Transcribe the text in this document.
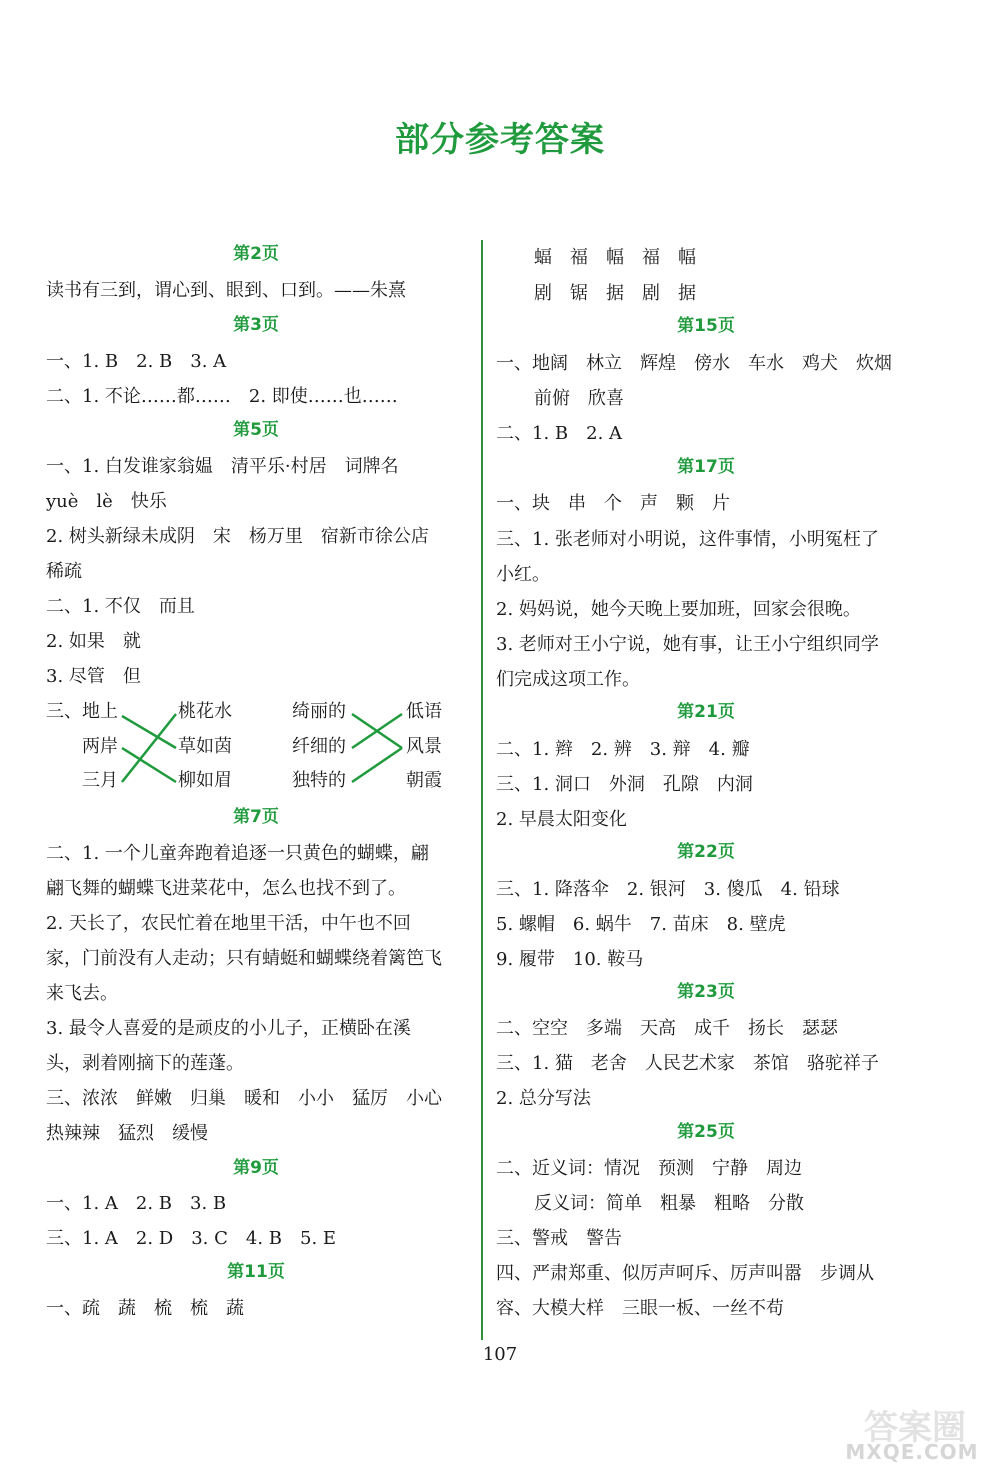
部分参考答案
第2页
读书有三到，谓心到、眼到、口到。——朱熹
第3页
一、1. B　2. B　3. A
二、1. 不论……都……　2. 即使……也……
第5页
一、1. 白发谁家翁媪　清平乐·村居　词牌名
yuè　lè　快乐
2. 树头新绿未成阴　宋　杨万里　宿新市徐公店
稀疏
二、1. 不仅　而且
2. 如果　就
3. 尽管　但
三、 地上
两岸
三月
桃花水
草如茵
柳如眉
绮丽的
纤细的
独特的
低语
风景
朝霞
第7页
二、1. 一个儿童奔跑着追逐一只黄色的蝴蝶，翩
翩飞舞的蝴蝶飞进菜花中，怎么也找不到了。
2. 天长了，农民忙着在地里干活，中午也不回
家，门前没有人走动；只有蜻蜓和蝴蝶绕着篱笆飞
来飞去。
3. 最令人喜爱的是顽皮的小儿子，正横卧在溪
头，剥着刚摘下的莲蓬。
三、浓浓　鲜嫩　归巢　暖和　小小　猛厉　小心
热辣辣　猛烈　缓慢
第9页
一、1. A　2. B　3. B
三、1. A　2. D　3. C　4. B　5. E
第11页
一、疏　蔬　梳　梳　蔬
蝠　福　幅　福　幅
剧　锯　据　剧　据
第15页
一、地阔　林立　辉煌　傍水　车水　鸡犬　炊烟
前俯　欣喜
二、1. B　2. A
第17页
一、块　串　个　声　颗　片
三、1. 张老师对小明说，这件事情，小明冤枉了
小红。
2. 妈妈说，她今天晚上要加班，回家会很晚。
3. 老师对王小宁说，她有事，让王小宁组织同学
们完成这项工作。
第21页
二、1. 辫　2. 辨　3. 辩　4. 瓣
三、1. 洞口　外洞　孔隙　内洞
2. 早晨太阳变化
第22页
三、1. 降落伞　2. 银河　3. 傻瓜　4. 铅球
5. 螺帽　6. 蜗牛　7. 苗床　8. 壁虎
9. 履带　10. 鞍马
第23页
二、空空　多端　天高　成千　扬长　瑟瑟
三、1. 猫　老舍　人民艺术家　茶馆　骆驼祥子
2. 总分写法
第25页
二、近义词：情况　预测　宁静　周边
反义词：简单　粗暴　粗略　分散
三、警戒　警告
四、严肃郑重、似厉声呵斥、厉声叫嚣　步调从
容、大模大样　三眼一板、一丝不苟
107
答案圈
MXQE.COM
